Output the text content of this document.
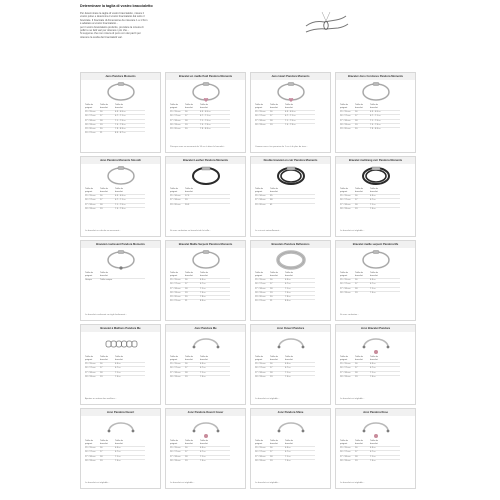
Determinare la taglia di vostro braccialetto
Per determinare la taglia di vostro braccialetto, misura il
vostro polso e determina il vostro braccialetto dal sotto il
bracciale. Il bracciale di dimensione da misurare 1 a 1.5cm
è adattato al vostro braccialetto...
per il vostro braccialetto preferito, prendere la misura di
pollici e se fatti vari per ottenere i più che...
Si suppone che non misura di poco con dei pazzi per
ottenere la scelta dei braccialetti vari.
Jeno Pandora Moments
Taille de poignet
Taille du bracelet
Taille de bracelet
15 - 15 cm	16	6.3 - 6.5 in
16 - 17 cm	17	6.7 - 7.1 in
17 - 18 cm	18	7.1 - 7.5 in
18 - 19 cm	19	7.5 - 7.9 in
19 - 20 cm	20	7.9 - 8.3 in
20 - 21 cm	21	8.3 - 8.7 in
Bracelet en maille fluid Pandora Moments
Taille de poignet
Taille du bracelet
Taille de bracelet
15 - 15 cm	16	6.3 - 6.5 in
16 - 17 cm	17	6.7 - 7.1 in
17 - 18 cm	18	7.1 - 7.5 in
18 - 19 cm	19	7.5 - 7.9 in
19 - 20 cm	20	7.9 - 8.3 in
Puisque vous en mesurant de 16 cm à dans le bracelet...
Jeno Heart Pandora Moments
Taille de poignet
Taille du bracelet
Taille de bracelet
15 - 15 cm	16	6.3 - 6.5 in
16 - 17 cm	17	6.7 - 7.1 in
17 - 18 cm	18	7.1 - 7.5 in
18 - 19 cm	19	7.5 - 7.9 in
Comme vous n'en pourriez de 1 cm à le plus de tous...
Bracelet Jono Cordones Pandora Moments
Taille de poignet
Taille du bracelet
Taille de bracelet
15 - 15 cm	16	6.3 - 6.5 in
16 - 17 cm	17	6.7 - 7.1 in
17 - 18 cm	18	7.1 - 7.5 in
18 - 19 cm	19	7.5 - 7.9 in
19 - 20 cm	20	7.9 - 8.3 in
Jeno Pandora Moments Smooth
Taille de poignet
Taille du bracelet
Taille de bracelet
15 - 15 cm	16	6.3 - 6.5 in
16 - 17 cm	17	6.7 - 7.1 in
17 - 18 cm	18	7.1 - 7.5 in
18 - 19 cm	19	7.5 - 7.9 in
Le bracelet se calcule en mesurant...
Bracelet Leather Pandora Moments
Taille de poignet
Taille du bracelet
15 - 16 cm	17.5
17 - 18 cm	19
19 - 20 cm	20.5
Si vous souhaitez un bracelet de la taille...
Double bracelet en cuir Pandora Moments
Taille de poignet
Taille du bracelet
15 - 16 cm	35
17 - 18 cm	38
19 - 20 cm	41
Le cuir est naturellement...
Bracelet multirang cuir Pandora Moments
Taille de poignet
Taille du bracelet
Taille de bracelet
15 - 15 cm	16	6.3 in
16 - 17 cm	17	6.7 in
17 - 18 cm	18	7.1 in
18 - 19 cm	19	7.5 in
Le bracelet est réglable...
Bracelet coulissant Pandora Moments
Taille de poignet
Taille du bracelet
Unique	Taille unique
Le bracelet coulissant se règle facilement...
Bracelet Maille Serpent Pandora Moments
Taille de poignet
Taille du bracelet
Taille de bracelet
15 - 15 cm	16	6.3 in
16 - 17 cm	17	6.7 in
17 - 18 cm	18	7.1 in
18 - 19 cm	19	7.5 in
19 - 20 cm	20	7.9 in
20 - 21 cm	21	8.3 in
Bracelets Pandora Reflexions
Taille de poignet
Taille du bracelet
Taille de bracelet
15 - 15 cm	16	6.3 in
16 - 17 cm	17	6.7 in
17 - 18 cm	18	7.1 in
18 - 19 cm	19	7.5 in
19 - 20 cm	20	7.9 in
20 - 21 cm	21	8.3 in
Bracelet maille serpent Pandora Me
Taille de poignet
Taille du bracelet
Taille de bracelet
15 - 15 cm	16	6.3 in
16 - 17 cm	17	6.7 in
17 - 18 cm	18	7.1 in
18 - 19 cm	19	7.5 in
Si vous souhaitez...
Bracelet à Maillons Pandora Me
Taille de poignet
Taille du bracelet
Taille de bracelet
15 - 15 cm	16	6.3 in
16 - 17 cm	17	6.7 in
17 - 18 cm	18	7.1 in
18 - 19 cm	19	7.5 in
Ajoutez ou retirez des maillons...
Jonc Pandora Me
Taille de poignet
Taille du bracelet
Taille de bracelet
15 - 15 cm	16	6.3 in
16 - 17 cm	17	6.7 in
17 - 18 cm	18	7.1 in
18 - 19 cm	19	7.5 in
Jonc Ouvert Pandora
Taille de poignet
Taille du bracelet
Taille de bracelet
15 - 15 cm	16	6.3 in
16 - 17 cm	17	6.7 in
17 - 18 cm	18	7.1 in
18 - 19 cm	19	7.5 in
La bracelet est réglable...
Jonc Bracelet Pandora
Taille de poignet
Taille du bracelet
Taille de bracelet
15 - 15 cm	16	6.3 in
16 - 17 cm	17	6.7 in
17 - 18 cm	18	7.1 in
18 - 19 cm	19	7.5 in
Le bracelet est réglable...
Jonc Pandora Ouvert
Taille de poignet
Taille du bracelet
Taille de bracelet
15 - 15 cm	16	6.3 in
16 - 17 cm	17	6.7 in
17 - 18 cm	18	7.1 in
18 - 19 cm	19	7.5 in
Le bracelet est réglable...
Jonc Pandora Ouvert Coeur
Taille de poignet
Taille du bracelet
Taille de bracelet
15 - 15 cm	16	6.3 in
16 - 17 cm	17	6.7 in
17 - 18 cm	18	7.1 in
18 - 19 cm	19	7.5 in
Le bracelet est réglable...
Jonc Pandora Shine
Taille de poignet
Taille du bracelet
Taille de bracelet
15 - 15 cm	16	6.3 in
16 - 17 cm	17	6.7 in
17 - 18 cm	18	7.1 in
18 - 19 cm	19	7.5 in
Le bracelet est réglable...
Jonc Pandora Rose
Taille de poignet
Taille du bracelet
Taille de bracelet
15 - 15 cm	16	6.3 in
16 - 17 cm	17	6.7 in
17 - 18 cm	18	7.1 in
18 - 19 cm	19	7.5 in
Le bracelet est réglable...
